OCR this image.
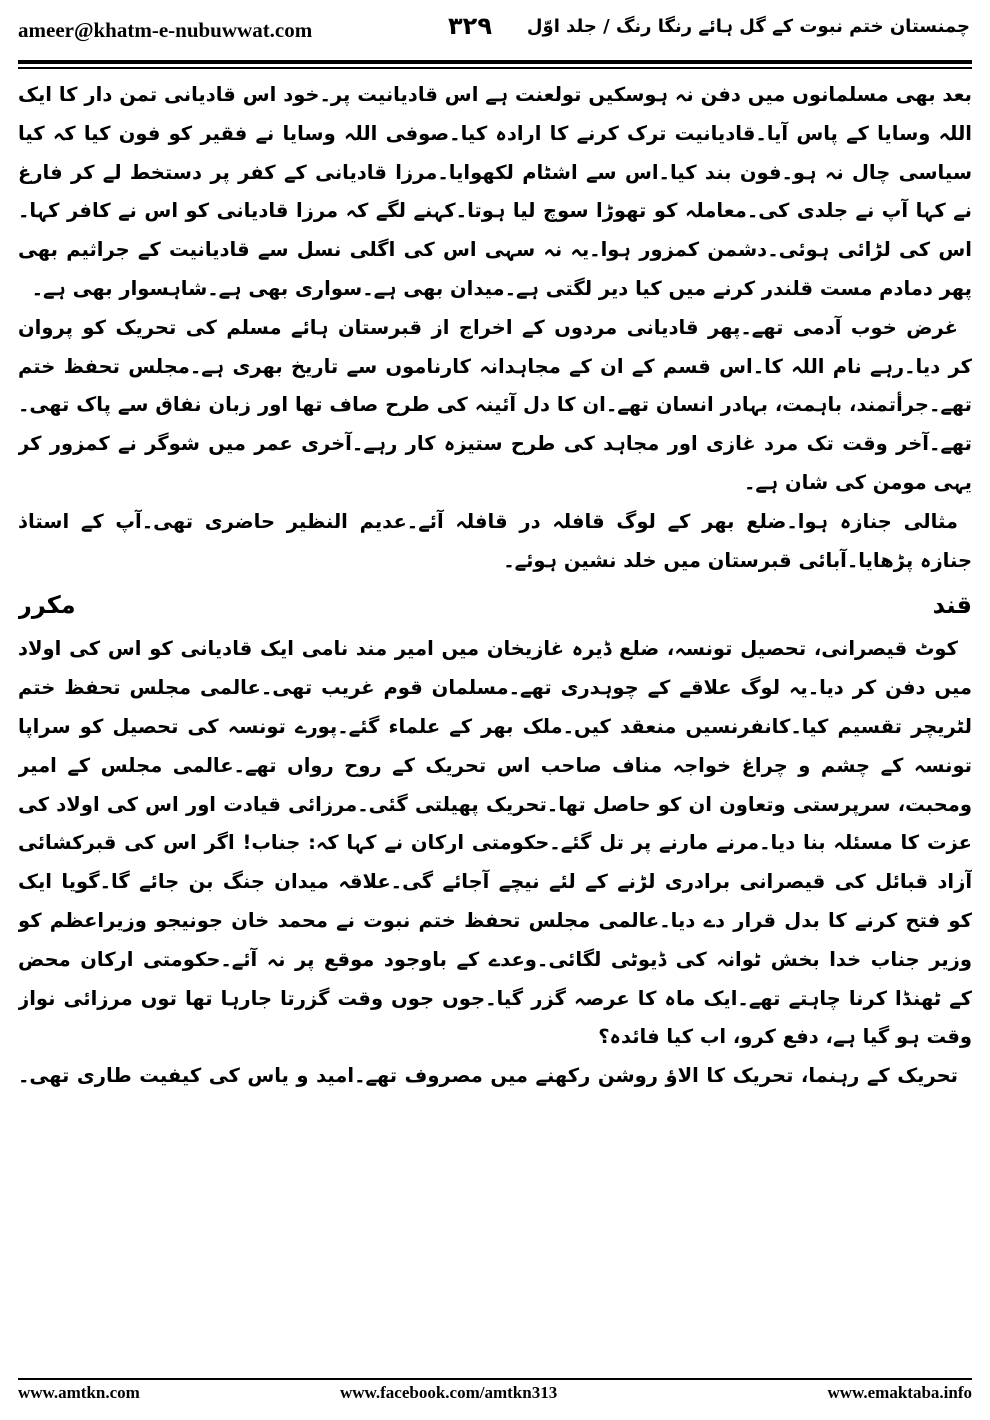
ameer@khatm-e-nubuwwat.com	۳۲۹	چمنستان ختم نبوت کے گل ہائے رنگا رنگ / جلد اوّل
بعد بھی مسلمانوں میں دفن نہ ہوسکیں تولعنت ہے اس قادیانیت پر۔خود اس قادیانی تمن دار کا ایک
اللہ وسایا کے پاس آیا۔قادیانیت ترک کرنے کا ارادہ کیا۔صوفی اللہ وسایا نے فقیر کو فون کیا کہ کیا
سیاسی چال نہ ہو۔فون بند کیا۔اس سے اشٹام لکھوایا۔مرزا قادیانی کے کفر پر دستخط لے کر فارغ
نے کہا آپ نے جلدی کی۔معاملہ کو تھوڑا سوچ لیا ہوتا۔کہنے لگے کہ مرزا قادیانی کو اس نے کافر کہا۔
اس کی لڑائی ہوئی۔دشمن کمزور ہوا۔یہ نہ سہی اس کی اگلی نسل سے قادیانیت کے جراثیم بھی
پھر دمادم مست قلندر کرنے میں کیا دیر لگتی ہے۔میدان بھی ہے۔سواری بھی ہے۔شاہسوار بھی ہے۔
غرض خوب آدمی تھے۔پھر قادیانی مردوں کے اخراج از قبرستان ہائے مسلم کی تحریک کو پروان
کر دیا۔رہے نام اللہ کا۔اس قسم کے ان کے مجاہدانہ کارناموں سے تاریخ بھری ہے۔مجلس تحفظ ختم
تھے۔جرأتمند، باہمت، بہادر انسان تھے۔ان کا دل آئینہ کی طرح صاف تھا اور زبان نفاق سے پاک تھی۔
تھے۔آخر وقت تک مرد غازی اور مجاہد کی طرح ستیزہ کار رہے۔آخری عمر میں شوگر نے کمزور کر
یہی مومن کی شان ہے۔
مثالی جنازہ ہوا۔ضلع بھر کے لوگ قافلہ در قافلہ آئے۔عدیم النظیر حاضری تھی۔آپ کے استاذ
جنازہ پڑھایا۔آبائی قبرستان میں خلد نشین ہوئے۔
قند مکرر
کوٹ قیصرانی، تحصیل تونسہ، ضلع ڈیرہ غازیخان میں امیر مند نامی ایک قادیانی کو اس کی اولاد
میں دفن کر دیا۔یہ لوگ علاقے کے چوہدری تھے۔مسلمان قوم غریب تھی۔عالمی مجلس تحفظ ختم
لٹریچر تقسیم کیا۔کانفرنسیں منعقد کیں۔ملک بھر کے علماء گئے۔پورے تونسہ کی تحصیل کو سراپا
تونسہ کے چشم و چراغ خواجہ مناف صاحب اس تحریک کے روح رواں تھے۔عالمی مجلس کے امیر
ومحبت، سرپرستی وتعاون ان کو حاصل تھا۔تحریک پھیلتی گئی۔مرزائی قیادت اور اس کی اولاد کی
عزت کا مسئلہ بنا دیا۔مرنے مارنے پر تل گئے۔حکومتی ارکان نے کہا کہ: جناب! اگر اس کی قبرکشائی
آزاد قبائل کی قیصرانی برادری لڑنے کے لئے نیچے آجائے گی۔علاقہ میدان جنگ بن جائے گا۔گویا ایک
کو فتح کرنے کا بدل قرار دے دیا۔عالمی مجلس تحفظ ختم نبوت نے محمد خان جونیجو وزیراعظم کو
وزیر جناب خدا بخش ٹوانہ کی ڈیوٹی لگائی۔وعدے کے باوجود موقع پر نہ آئے۔حکومتی ارکان محض
کے ٹھنڈا کرنا چاہتے تھے۔ایک ماہ کا عرصہ گزر گیا۔جوں جوں وقت گزرتا جارہا تھا توں مرزائی نواز
وقت ہو گیا ہے، دفع کرو، اب کیا فائدہ؟
تحریک کے رہنما، تحریک کا الاؤ روشن رکھنے میں مصروف تھے۔امید و یاس کی کیفیت طاری تھی۔
www.amtkn.com	www.facebook.com/amtkn313	www.emaktaba.info
